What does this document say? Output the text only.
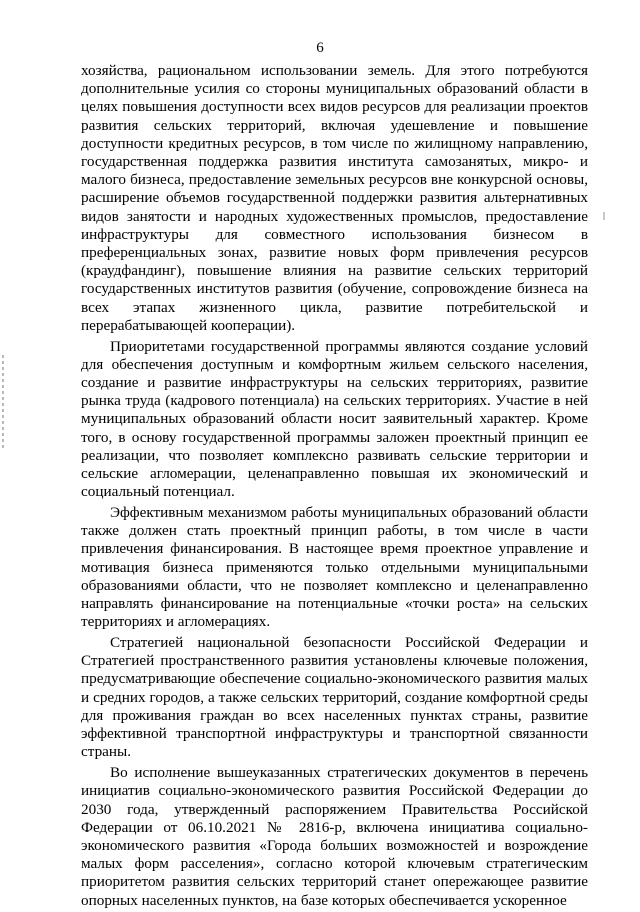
6
хозяйства, рациональном использовании земель. Для этого потребуются
дополнительные усилия со стороны муниципальных образований области в
целях повышения доступности всех видов ресурсов для реализации проектов
развития сельских территорий, включая удешевление и повышение
доступности кредитных ресурсов, в том числе по жилищному направлению,
государственная поддержка развития института самозанятых, микро- и
малого бизнеса, предоставление земельных ресурсов вне конкурсной основы,
расширение объемов государственной поддержки развития альтернативных
видов занятости и народных художественных промыслов, предоставление
инфраструктуры для совместного использования бизнесом в
преференциальных зонах, развитие новых форм привлечения ресурсов
(краудфандинг), повышение влияния на развитие сельских территорий
государственных институтов развития (обучение, сопровождение бизнеса на
всех этапах жизненного цикла, развитие потребительской и
перерабатывающей кооперации).
Приоритетами государственной программы являются создание условий
для обеспечения доступным и комфортным жильем сельского населения,
создание и развитие инфраструктуры на сельских территориях, развитие
рынка труда (кадрового потенциала) на сельских территориях. Участие в ней
муниципальных образований области носит заявительный характер. Кроме
того, в основу государственной программы заложен проектный принцип ее
реализации, что позволяет комплексно развивать сельские территории и
сельские агломерации, целенаправленно повышая их экономический и
социальный потенциал.
Эффективным механизмом работы муниципальных образований области
также должен стать проектный принцип работы, в том числе в части
привлечения финансирования. В настоящее время проектное управление и
мотивация бизнеса применяются только отдельными муниципальными
образованиями области, что не позволяет комплексно и целенаправленно
направлять финансирование на потенциальные «точки роста» на сельских
территориях и агломерациях.
Стратегией национальной безопасности Российской Федерации и
Стратегией пространственного развития установлены ключевые положения,
предусматривающие обеспечение социально-экономического развития малых
и средних городов, а также сельских территорий, создание комфортной среды
для проживания граждан во всех населенных пунктах страны, развитие
эффективной транспортной инфраструктуры и транспортной связанности
страны.
Во исполнение вышеуказанных стратегических документов в перечень
инициатив социально-экономического развития Российской Федерации до
2030 года, утвержденный распоряжением Правительства Российской
Федерации от 06.10.2021 № 2816-р, включена инициатива социально-
экономического развития «Города больших возможностей и возрождение
малых форм расселения», согласно которой ключевым стратегическим
приоритетом развития сельских территорий станет опережающее развитие
опорных населенных пунктов, на базе которых обеспечивается ускоренное
